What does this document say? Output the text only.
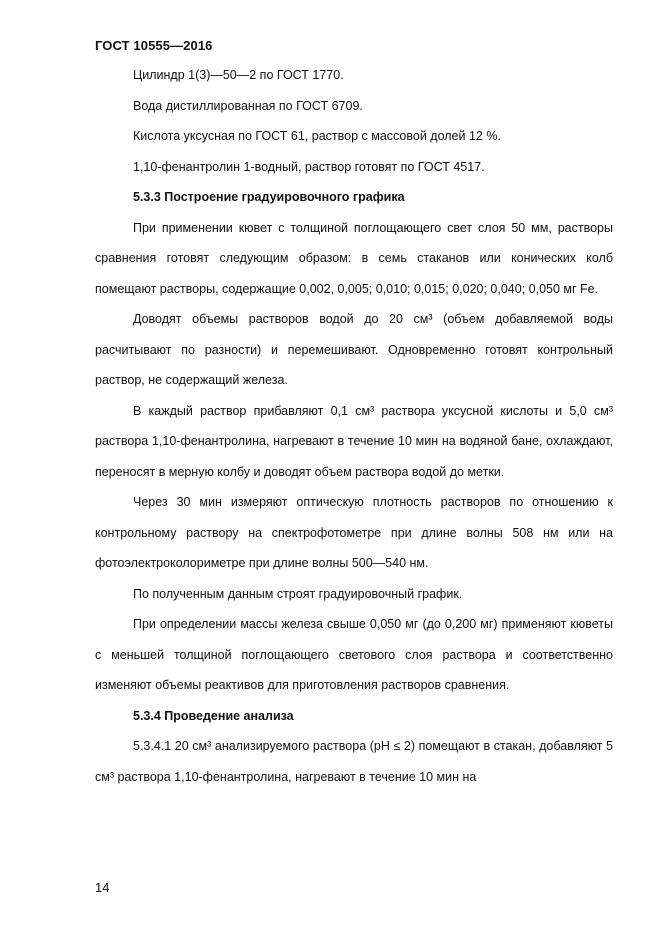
ГОСТ 10555—2016

Цилиндр 1(3)—50—2 по ГОСТ 1770.

Вода дистиллированная по ГОСТ 6709.

Кислота уксусная по ГОСТ 61, раствор с массовой долей 12 %.

1,10-фенантролин 1-водный, раствор готовят по ГОСТ 4517.

5.3.3 Построение градуировочного графика

При применении кювет с толщиной поглощающего свет слоя 50 мм, растворы сравнения готовят следующим образом: в семь стаканов или конических колб помещают растворы, содержащие 0,002, 0,005; 0,010; 0,015; 0,020; 0,040; 0,050 мг Fe.

Доводят объемы растворов водой до 20 см³ (объем добавляемой воды расчитывают по разности) и перемешивают. Одновременно готовят контрольный раствор, не содержащий железа.

В каждый раствор прибавляют 0,1 см³ раствора уксусной кислоты и 5,0 см³ раствора 1,10-фенантролина, нагревают в течение 10 мин на водяной бане, охлаждают, переносят в мерную колбу и доводят объем раствора водой до метки.

Через 30 мин измеряют оптическую плотность растворов по отношению к контрольному раствору на спектрофотометре при длине волны 508 нм или на фотоэлектроколориметре при длине волны 500—540 нм.

По полученным данным строят градуировочный график.

При определении массы железа свыше 0,050 мг (до 0,200 мг) применяют кюветы с меньшей толщиной поглощающего светового слоя раствора и соответственно изменяют объемы реактивов для приготовления растворов сравнения.

5.3.4 Проведение анализа

5.3.4.1 20 см³ анализируемого раствора (pH ≤ 2) помещают в стакан, добавляют 5 см³ раствора 1,10-фенантролина, нагревают в течение 10 мин на

14
